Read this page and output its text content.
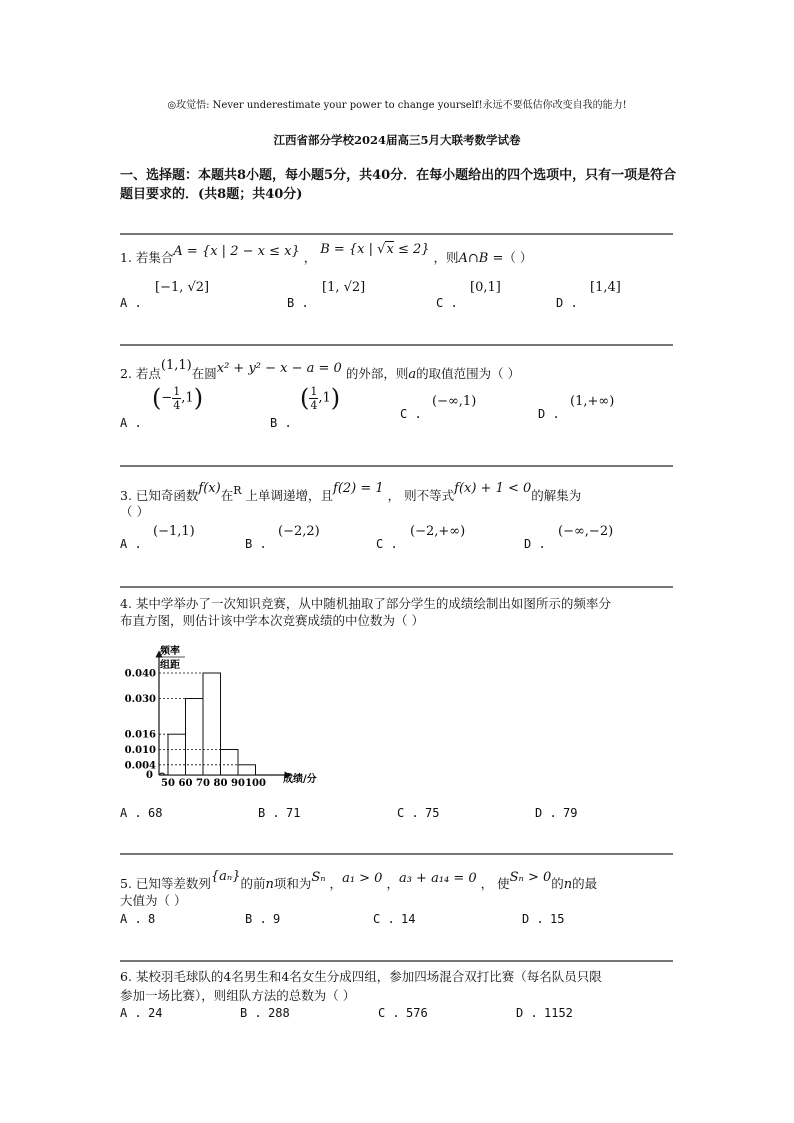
◎玫觉悟: Never underestimate your power to change yourself!永远不要低估你改变自我的能力!
江西省部分学校2024届高三5月大联考数学试卷
一、选择题：本题共8小题，每小题5分，共40分．在每小题给出的四个选项中，只有一项是符合题目要求的．(共8题；共40分)
1. 若集合A = {x | 2 − x ≤ x} ， B = {x | √x ≤ 2} ，则A∩B =（ ）
A .
[−1, √2]
B .
[1, √2]
C .
[0,1]
D .
[1,4]
2. 若点(1,1)在圆x² + y² − x − a = 0 的外部，则a的取值范围为（ ）
A .
(− $\frac{1}{4} ,1$)
B .
( $\frac{1}{4} ,1$)
C .
(−∞,1)
D .
(1,+∞)
3. 已知奇函数f(x)在R 上单调递增，且f(2) = 1 ， 则不等式f(x) + 1 < 0的解集为
（ ）
A .
(−1,1)
B .
(−2,2)
C .
(−2,+∞)
D .
(−∞,−2)
4. 某中学举办了一次知识竞赛，从中随机抽取了部分学生的成绩绘制出如图所示的频率分
布直方图，则估计该中学本次竞赛成绩的中位数为（ ）
频率
组距
0	成绩/分
0.040
0.030
0.016
0.010
0.004
50 60 70 80 90 100
A . 68	B . 71	C . 75	D . 79
5. 已知等差数列{aₙ}的前n项和为Sₙ ，a₁ > 0 ，a₃ + a₁₄ = 0 ， 使Sₙ > 0的n的最
大值为（ ）
A . 8	B . 9	C . 14	D . 15
6. 某校羽毛球队的4名男生和4名女生分成四组，参加四场混合双打比赛（每名队员只限
参加一场比赛），则组队方法的总数为（ ）
A . 24	B . 288	C . 576	D . 1152
